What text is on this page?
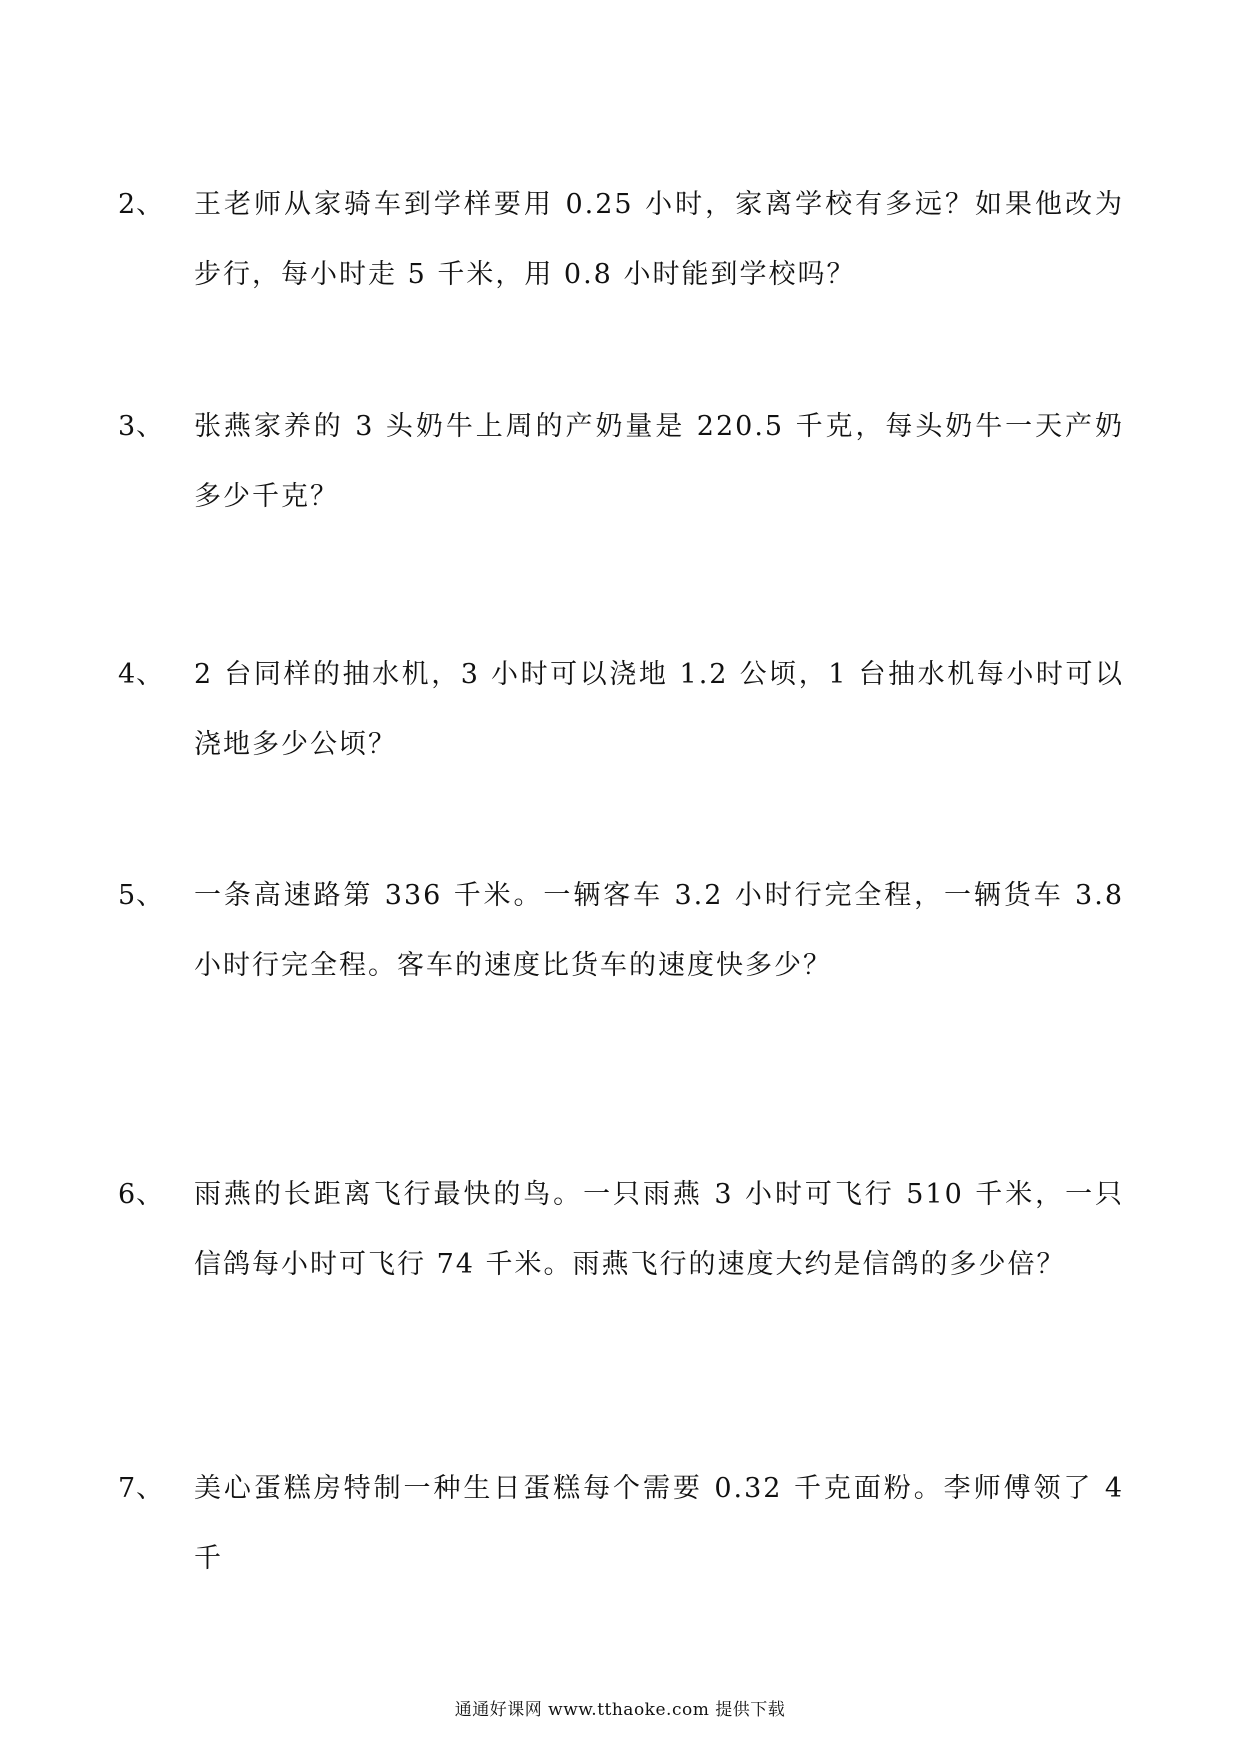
2、 王老师从家骑车到学样要用 0.25 小时，家离学校有多远？如果他改为步行，每小时走 5 千米，用 0.8 小时能到学校吗？
3、 张燕家养的 3 头奶牛上周的产奶量是 220.5 千克，每头奶牛一天产奶多少千克？
4、 2 台同样的抽水机，3 小时可以浇地 1.2 公顷，1 台抽水机每小时可以浇地多少公顷？
5、 一条高速路第 336 千米。一辆客车 3.2 小时行完全程，一辆货车 3.8 小时行完全程。客车的速度比货车的速度快多少？
6、 雨燕的长距离飞行最快的鸟。一只雨燕 3 小时可飞行 510 千米，一只信鸽每小时可飞行 74 千米。雨燕飞行的速度大约是信鸽的多少倍？
7、 美心蛋糕房特制一种生日蛋糕每个需要 0.32 千克面粉。李师傅领了 4 千
通通好课网 www.tthaoke.com 提供下载
